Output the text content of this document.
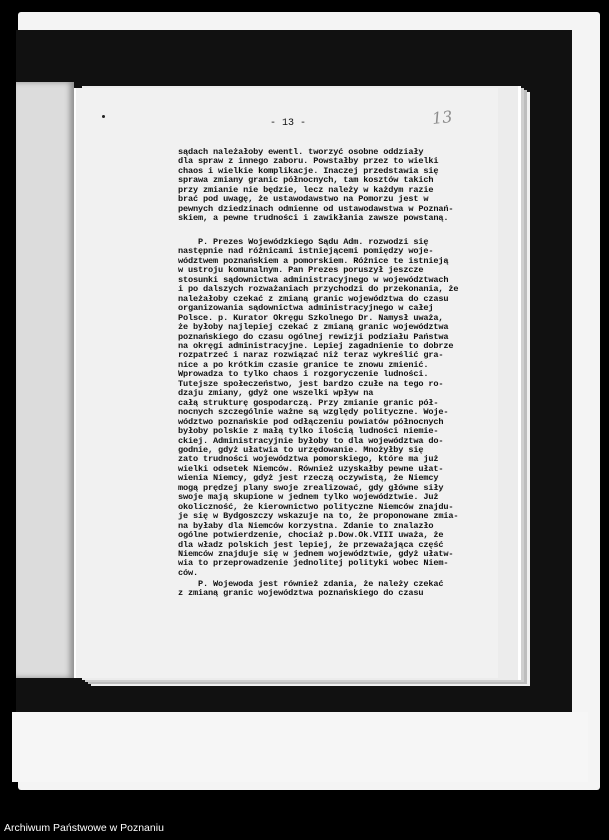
- 13 -	13

sądach należałoby ewentl. tworzyć osobne oddziały
dla spraw z innego zaboru. Powstałby przez to wielki
chaos i wielkie komplikacje. Inaczej przedstawia się
sprawa zmiany granic północnych, tam kosztów takich
przy zmianie nie będzie, lecz należy w każdym razie
brać pod uwagę, że ustawodawstwo na Pomorzu jest w
pewnych dziedzinach odmienne od ustawodawstwa w Poznań-
skiem, a pewne trudności i zawikłania zawsze powstaną.

P. Prezes Wojewódzkiego Sądu Adm. rozwodzi się
następnie nad różnicami istniejącemi pomiędzy woje-
wództwem poznańskiem a pomorskiem. Różnice te istnieją
w ustroju komunalnym. Pan Prezes poruszył jeszcze
stosunki sądownictwa administracyjnego w województwach
i po dalszych rozważaniach przychodzi do przekonania, że
należałoby czekać z zmianą granic województwa do czasu
organizowania sądownictwa administracyjnego w całej
Polsce. p. Kurator Okręgu Szkolnego Dr. Namysł uważa,
że byłoby najlepiej czekać z zmianą granic województwa
poznańskiego do czasu ogólnej rewizji podziału Państwa
na okręgi administracyjne. Lepiej zagadnienie to dobrze
rozpatrzeć i naraz rozwiązać niż teraz wykreślić gra-
nice a po krótkim czasie granice te znowu zmienić.
Wprowadza to tylko chaos i rozgoryczenie ludności.
Tutejsze społeczeństwo, jest bardzo czułe na tego ro-
dzaju zmiany, gdyż one wszelki wpływ na
całą strukturę gospodarczą. Przy zmianie granic pół-
nocnych szczególnie ważne są względy polityczne. Woje-
wództwo poznańskie pod odłączeniu powiatów północnych
byłoby polskie z małą tylko ilością ludności niemie-
ckiej. Administracyjnie byłoby to dla województwa do-
godnie, gdyż ułatwia to urzędowanie. Mnożyłby się
zato trudności województwa pomorskiego, które ma już
wielki odsetek Niemców. Również uzyskałby pewne ułat-
wienia Niemcy, gdyż jest rzeczą oczywistą, że Niemcy
mogą prędzej plany swoje zrealizować, gdy główne siły
swoje mają skupione w jednem tylko województwie. Już
okoliczność, że kierownictwo polityczne Niemców znajdu-
je się w Bydgoszczy wskazuje na to, że proponowane zmia-
na byłaby dla Niemców korzystna. Zdanie to znalazło
ogólne potwierdzenie, chociaż p.Dow.Ok.VIII uważa, że
dla władz polskich jest lepiej, że przeważająca część
Niemców znajduje się w jednem województwie, gdyż ułatw-
wia to przeprowadzenie jednolitej polityki wobec Niem-
ców.

P. Wojewoda jest również zdania, że należy czekać
z zmianą granic województwa poznańskiego do czasu

Archiwum Państwowe w Poznaniu
